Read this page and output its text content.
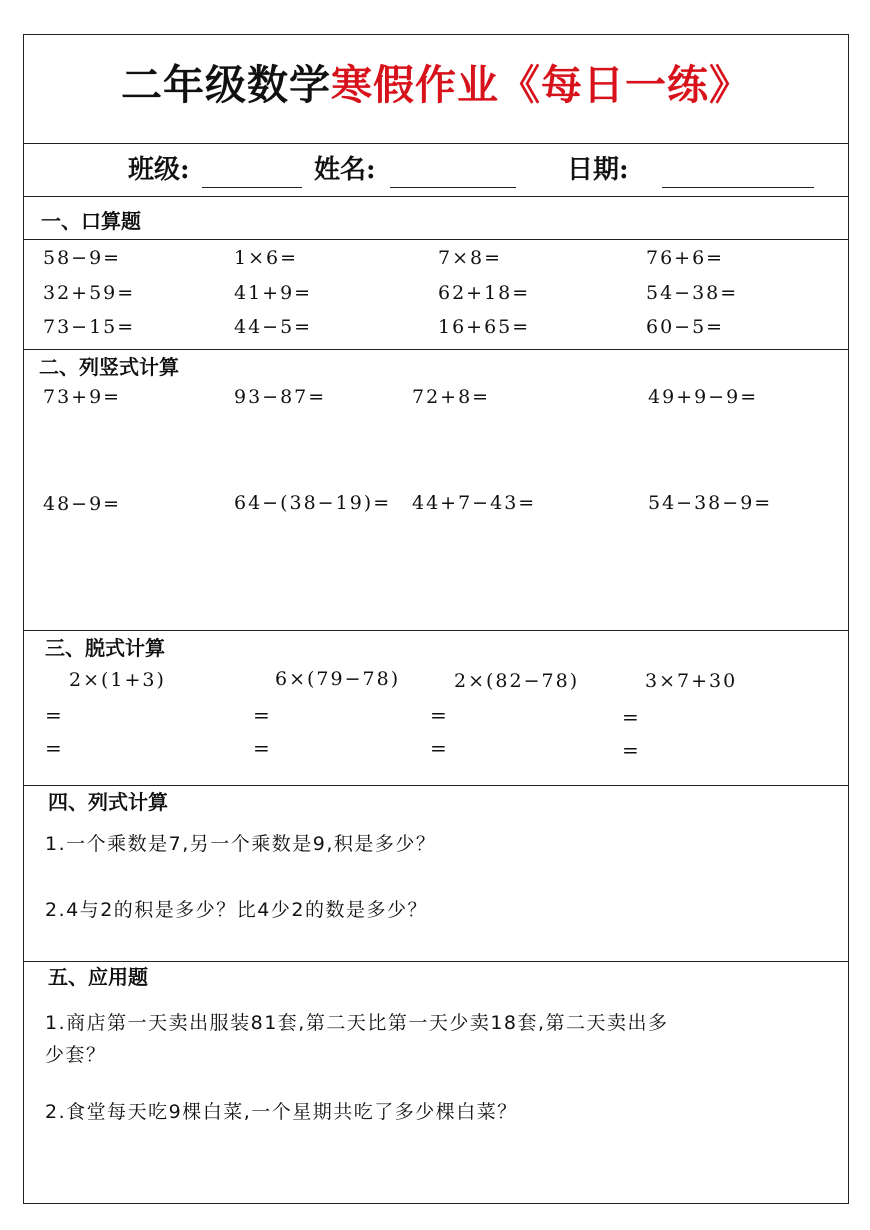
二年级数学寒假作业《每日一练》
班级:	姓名:	日期:
一、口算题
58−9=	1×6=	7×8=	76+6=
32+59=	41+9=	62+18=	54−38=
73−15=	44−5=	16+65=	60−5=
二、列竖式计算
73+9=	93−87=	72+8=	49+9−9=
48−9=	64−(38−19)= 44+7−43=	54−38−9=
三、脱式计算
2×(1+3)	6×(79−78)	2×(82−78)	3×7+30
=	=	=	=
=	=	=	=
四、列式计算
1.一个乘数是7,另一个乘数是9,积是多少？
2.4与2的积是多少？比4少2的数是多少？
五、应用题
1.商店第一天卖出服装81套,第二天比第一天少卖18套,第二天卖出多
少套？
2.食堂每天吃9棵白菜,一个星期共吃了多少棵白菜？
